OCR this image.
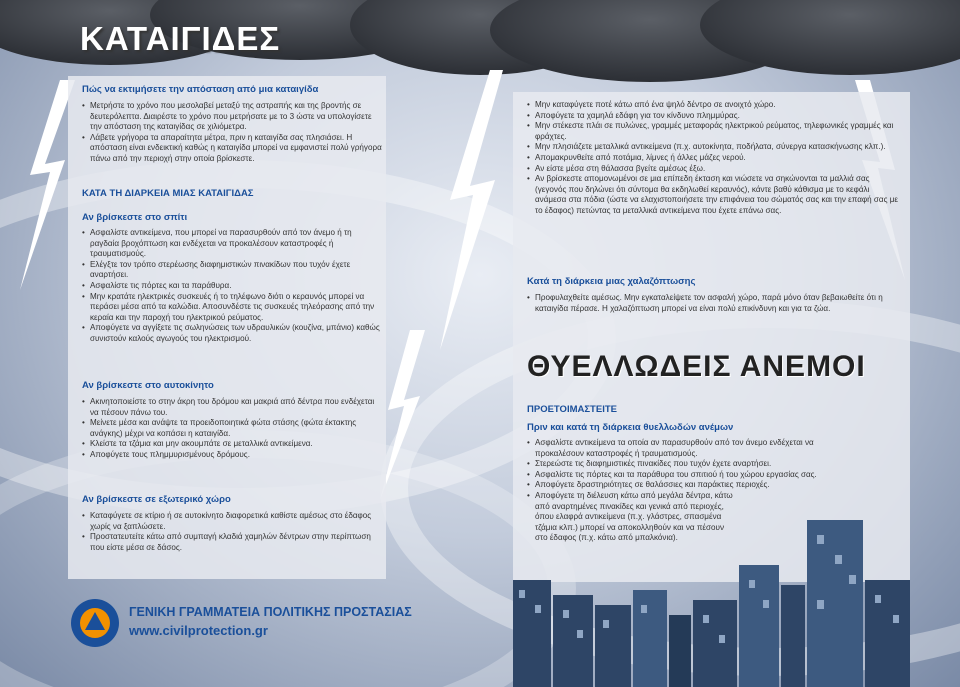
ΚΑΤΑΙΓΙΔΕΣ

Πώς να εκτιμήσετε την απόσταση από μια καταιγίδα

• Μετρήστε το χρόνο που μεσολαβεί μεταξύ της αστραπής και της βροντής σε δευτερόλεπτα. Διαιρέστε το χρόνο που μετρήσατε με το 3 ώστε να υπολογίσετε την απόσταση της καταιγίδας σε χιλιόμετρα.
• Λάβετε γρήγορα τα απαραίτητα μέτρα, πριν η καταιγίδα σας πλησιάσει. Η απόσταση είναι ενδεικτική καθώς η καταιγίδα μπορεί να εμφανιστεί πολύ γρήγορα πάνω από την περιοχή στην οποία βρίσκεστε.

ΚΑΤΑ ΤΗ ΔΙΑΡΚΕΙΑ ΜΙΑΣ ΚΑΤΑΙΓΙΔΑΣ

Αν βρίσκεστε στο σπίτι

• Ασφαλίστε αντικείμενα, που μπορεί να παρασυρθούν από τον άνεμο ή τη ραγδαία βροχόπτωση και ενδέχεται να προκαλέσουν καταστροφές ή τραυματισμούς.
• Ελέγξτε τον τρόπο στερέωσης διαφημιστικών πινακίδων που τυχόν έχετε αναρτήσει.
• Ασφαλίστε τις πόρτες και τα παράθυρα.
• Μην κρατάτε ηλεκτρικές συσκευές ή το τηλέφωνο διότι ο κεραυνός μπορεί να περάσει μέσα από τα καλώδια. Αποσυνδέστε τις συσκευές τηλεόρασης από την κεραία και την παροχή του ηλεκτρικού ρεύματος.
• Αποφύγετε να αγγίξετε τις σωληνώσεις των υδραυλικών (κουζίνα, μπάνιο) καθώς συνιστούν καλούς αγωγούς του ηλεκτρισμού.

Αν βρίσκεστε στο αυτοκίνητο

• Ακινητοποιείστε το στην άκρη του δρόμου και μακριά από δέντρα που ενδέχεται να πέσουν πάνω του.
• Μείνετε μέσα και ανάψτε τα προειδοποιητικά φώτα στάσης (φώτα έκτακτης ανάγκης) μέχρι να κοπάσει η καταιγίδα.
• Κλείστε τα τζάμια και μην ακουμπάτε σε μεταλλικά αντικείμενα.
• Αποφύγετε τους πλημμυρισμένους δρόμους.

Αν βρίσκεστε σε εξωτερικό χώρο

• Καταφύγετε σε κτίριο ή σε αυτοκίνητο διαφορετικά καθίστε αμέσως στο έδαφος χωρίς να ξαπλώσετε.
• Προστατευτείτε κάτω από συμπαγή κλαδιά χαμηλών δέντρων στην περίπτωση που είστε μέσα σε δάσος.
• Μην καταφύγετε ποτέ κάτω από ένα ψηλό δέντρο σε ανοιχτό χώρο.
• Αποφύγετε τα χαμηλά εδάφη για τον κίνδυνο πλημμύρας.
• Μην στέκεστε πλάι σε πυλώνες, γραμμές μεταφοράς ηλεκτρικού ρεύματος, τηλεφωνικές γραμμές και φράχτες.
• Μην πλησιάζετε μεταλλικά αντικείμενα (π.χ. αυτοκίνητα, ποδήλατα, σύνεργα κατασκήνωσης κλπ.).
• Απομακρυνθείτε από ποτάμια, λίμνες ή άλλες μάζες νερού.
• Αν είστε μέσα στη θάλασσα βγείτε αμέσως έξω.
• Αν βρίσκεστε απομονωμένοι σε μια επίπεδη έκταση και νιώσετε να σηκώνονται τα μαλλιά σας (γεγονός που δηλώνει ότι σύντομα θα εκδηλωθεί κεραυνός), κάντε βαθύ κάθισμα με το κεφάλι ανάμεσα στα πόδια (ώστε να ελαχιστοποιήσετε την επιφάνεια του σώματός σας και την επαφή σας με το έδαφος) πετώντας τα μεταλλικά αντικείμενα που έχετε επάνω σας.

Κατά τη διάρκεια μιας χαλαζόπτωσης

• Προφυλαχθείτε αμέσως. Μην εγκαταλείψετε τον ασφαλή χώρο, παρά μόνο όταν βεβαιωθείτε ότι η καταιγίδα πέρασε. Η χαλαζόπτωση μπορεί να είναι πολύ επικίνδυνη και για τα ζώα.
ΘΥΕΛΛΩΔΕΙΣ ΑΝΕΜΟΙ

ΠΡΟΕΤΟΙΜΑΣΤΕΙΤΕ

Πριν και κατά τη διάρκεια θυελλωδών ανέμων

• Ασφαλίστε αντικείμενα τα οποία αν παρασυρθούν από τον άνεμο ενδέχεται να προκαλέσουν καταστροφές ή τραυματισμούς.
• Στερεώστε τις διαφημιστικές πινακίδες που τυχόν έχετε αναρτήσει.
• Ασφαλίστε τις πόρτες και τα παράθυρα του σπιτιού ή του χώρου εργασίας σας.
• Αποφύγετε δραστηριότητες σε θαλάσσιες και παράκτιες περιοχές.
• Αποφύγετε τη διέλευση κάτω από μεγάλα δέντρα, κάτω από αναρτημένες πινακίδες και γενικά από περιοχές, όπου ελαφρά αντικείμενα (π.χ. γλάστρες, σπασμένα τζάμια κλπ.) μπορεί να αποκολληθούν και να πέσουν στο έδαφος (π.χ. κάτω από μπαλκόνια).
ΓΕΝΙΚΗ ΓΡΑΜΜΑΤΕΙΑ ΠΟΛΙΤΙΚΗΣ ΠΡΟΣΤΑΣΙΑΣ
www.civilprotection.gr
